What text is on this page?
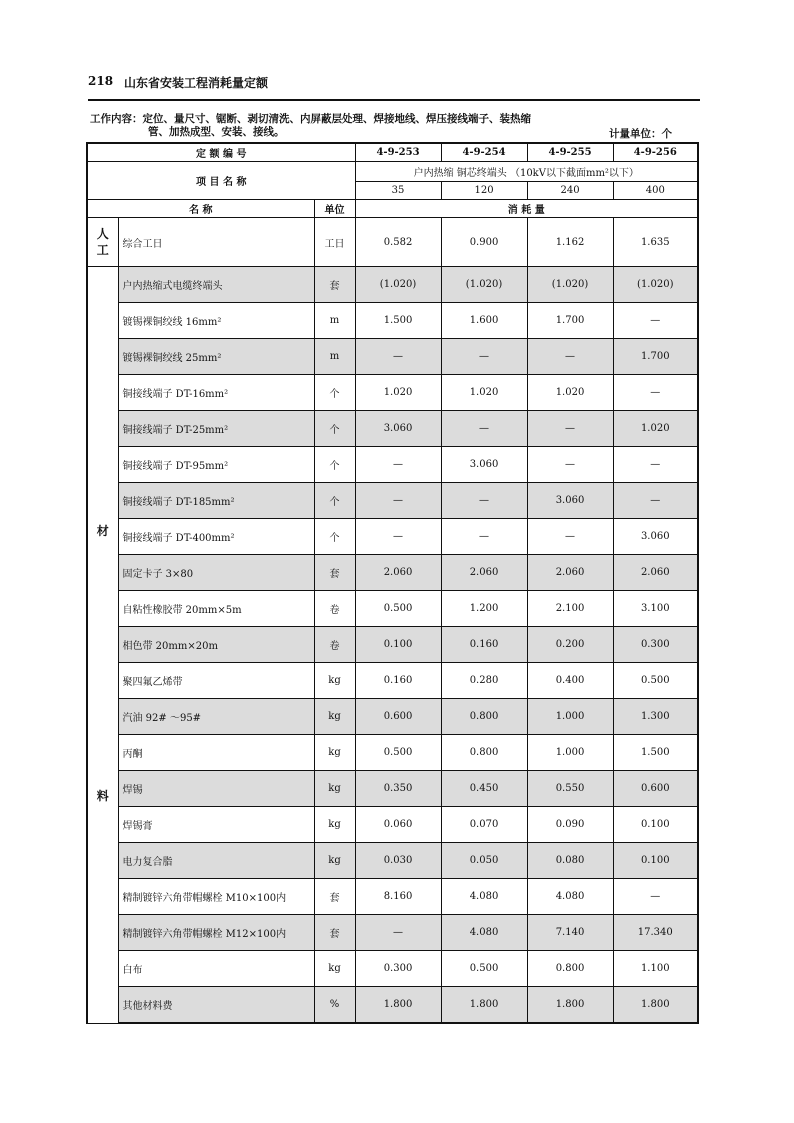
218 山东省安装工程消耗量定额
工作内容：定位、量尺寸、锯断、剥切清洗、内屏蔽层处理、焊接地线、焊压接线端子、装热缩
管、加热成型、安装、接线。	计量单位：个
定 额 编 号			4-9-253	4-9-254	4-9-255	4-9-256
项 目 名 称			户内热缩 铜芯终端头 （10kV以下截面mm²以下）			
			35	120	240	400
名 称		单位	消 耗 量			

人
工	综合工日	工日	0.582	0.900	1.162	1.635

材
料	户内热缩式电缆终端头	套	(1.020)	(1.020)	(1.020)	(1.020)
	镀锡裸铜绞线 16mm²	m	1.500	1.600	1.700	—
	镀锡裸铜绞线 25mm²	m	—	—	—	1.700
	铜接线端子 DT-16mm²	个	1.020	1.020	1.020	—
	铜接线端子 DT-25mm²	个	3.060	—	—	1.020
	铜接线端子 DT-95mm²	个	—	3.060	—	—
	铜接线端子 DT-185mm²	个	—	—	3.060	—
	铜接线端子 DT-400mm²	个	—	—	—	3.060
	固定卡子 3×80	套	2.060	2.060	2.060	2.060
	自粘性橡胶带 20mm×5m	卷	0.500	1.200	2.100	3.100
	相色带 20mm×20m	卷	0.100	0.160	0.200	0.300
	聚四氟乙烯带	kg	0.160	0.280	0.400	0.500
	汽油 92# ～95#	kg	0.600	0.800	1.000	1.300
	丙酮	kg	0.500	0.800	1.000	1.500
	焊锡	kg	0.350	0.450	0.550	0.600
	焊锡膏	kg	0.060	0.070	0.090	0.100
	电力复合脂	kg	0.030	0.050	0.080	0.100
	精制镀锌六角带帽螺栓 M10×100内	套	8.160	4.080	4.080	—
	精制镀锌六角带帽螺栓 M12×100内	套	—	4.080	7.140	17.340
	白布	kg	0.300	0.500	0.800	1.100
	其他材料费	%	1.800	1.800	1.800	1.800
